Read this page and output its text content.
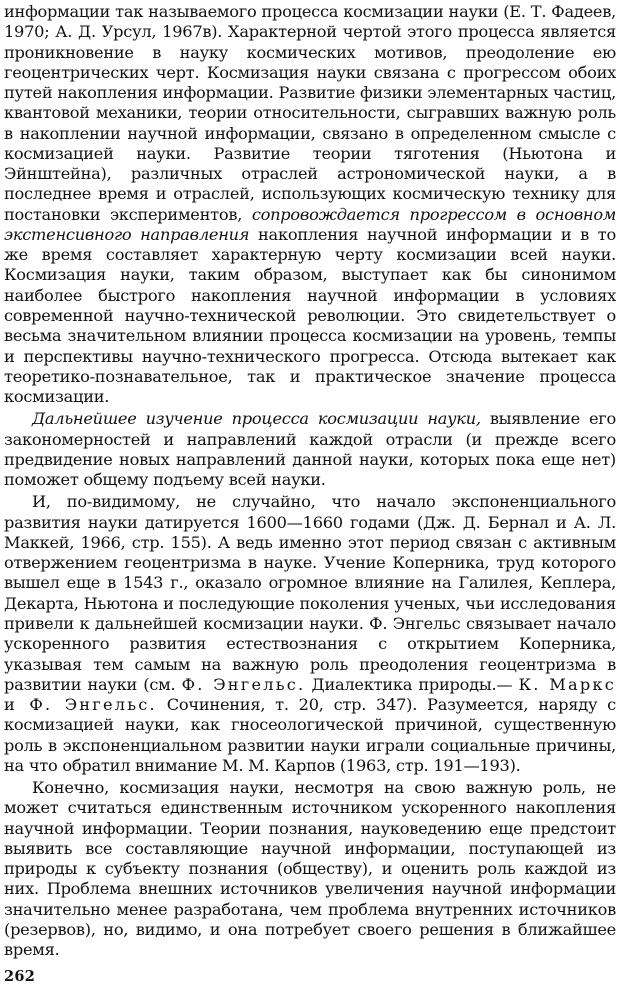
информации так называемого процесса космизации науки (Е. Т. Фадеев, 1970; А. Д. Урсул, 1967в). Характерной чертой этого процесса является проникновение в науку космических мотивов, преодоление ею геоцентрических черт. Космизация науки связана с прогрессом обоих путей накопления информации. Развитие физики элементарных частиц, квантовой механики, теории относительности, сыгравших важную роль в накоплении научной информации, связано в определенном смысле с космизацией науки. Развитие теории тяготения (Ньютона и Эйнштейна), различных отраслей астрономической науки, а в последнее время и отраслей, использующих космическую технику для постановки экспериментов, сопровождается прогрессом в основном экстенсивного направления накопления научной информации и в то же время составляет характерную черту космизации всей науки. Космизация науки, таким образом, выступает как бы синонимом наиболее быстрого накопления научной информации в условиях современной научно-технической революции. Это свидетельствует о весьма значительном влиянии процесса космизации на уровень, темпы и перспективы научно-технического прогресса. Отсюда вытекает как теоретико-познавательное, так и практическое значение процесса космизации.

Дальнейшее изучение процесса космизации науки, выявление его закономерностей и направлений каждой отрасли (и прежде всего предвидение новых направлений данной науки, которых пока еще нет) поможет общему подъему всей науки.

И, по-видимому, не случайно, что начало экспоненциального развития науки датируется 1600—1660 годами (Дж. Д. Бернал и А. Л. Маккей, 1966, стр. 155). А ведь именно этот период связан с активным отвержением геоцентризма в науке. Учение Коперника, труд которого вышел еще в 1543 г., оказало огромное влияние на Галилея, Кеплера, Декарта, Ньютона и последующие поколения ученых, чьи исследования привели к дальнейшей космизации науки. Ф. Энгельс связывает начало ускоренного развития естествознания с открытием Коперника, указывая тем самым на важную роль преодоления геоцентризма в развитии науки (см. Ф. Энгельс. Диалектика природы.— К. Маркс и Ф. Энгельс. Сочинения, т. 20, стр. 347). Разумеется, наряду с космизацией науки, как гносеологической причиной, существенную роль в экспоненциальном развитии науки играли социальные причины, на что обратил внимание М. М. Карпов (1963, стр. 191—193).

Конечно, космизация науки, несмотря на свою важную роль, не может считаться единственным источником ускоренного накопления научной информации. Теории познания, науковедению еще предстоит выявить все составляющие научной информации, поступающей из природы к субъекту познания (обществу), и оценить роль каждой из них. Проблема внешних источников увеличения научной информации значительно менее разработана, чем проблема внутренних источников (резервов), но, видимо, и она потребует своего решения в ближайшее время.

262
